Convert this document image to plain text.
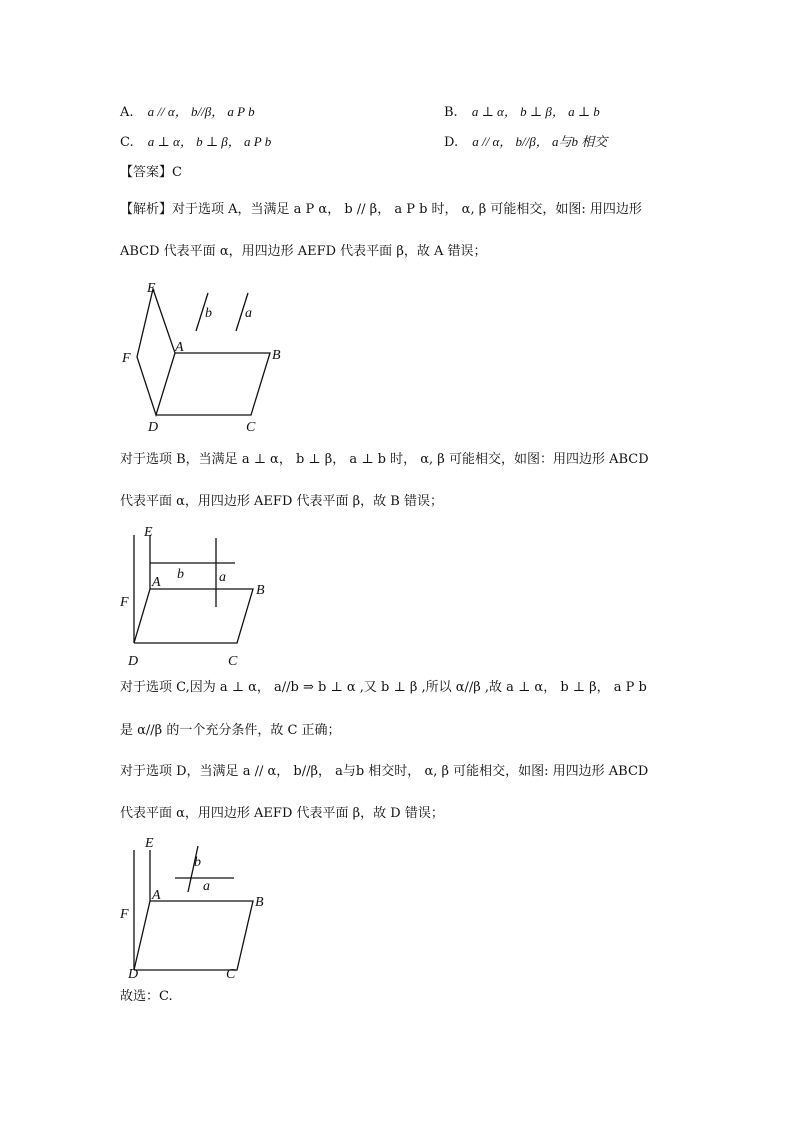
A. a // α， b//β， a P b	B. a ⊥ α， b ⊥ β， a ⊥ b
C. a ⊥ α， b ⊥ β， a P b	D. a // α， b//β， a与b 相交
【答案】C
【解析】对于选项 A，当满足 a P α， b // β， a P b 时， α, β 可能相交，如图: 用四边形
ABCD 代表平面 α，用四边形 AEFD 代表平面 β，故 A 错误；
E
F
A
B
C
D
b a
对于选项 B，当满足 a ⊥ α， b ⊥ β， a ⊥ b 时， α, β 可能相交，如图：用四边形 ABCD
代表平面 α，用四边形 AEFD 代表平面 β，故 B 错误；
E
F
A
B
C
D
b	a
对于选项 C,因为 a ⊥ α， a//b ⇒ b ⊥ α ,又 b ⊥ β ,所以 α//β ,故 a ⊥ α， b ⊥ β， a P b
是 α//β 的一个充分条件，故 C 正确；
对于选项 D，当满足 a // α， b//β， a与b 相交时， α, β 可能相交，如图: 用四边形 ABCD
代表平面 α，用四边形 AEFD 代表平面 β，故 D 错误；
E
F
A	B
C
D
b
a
故选：C.
